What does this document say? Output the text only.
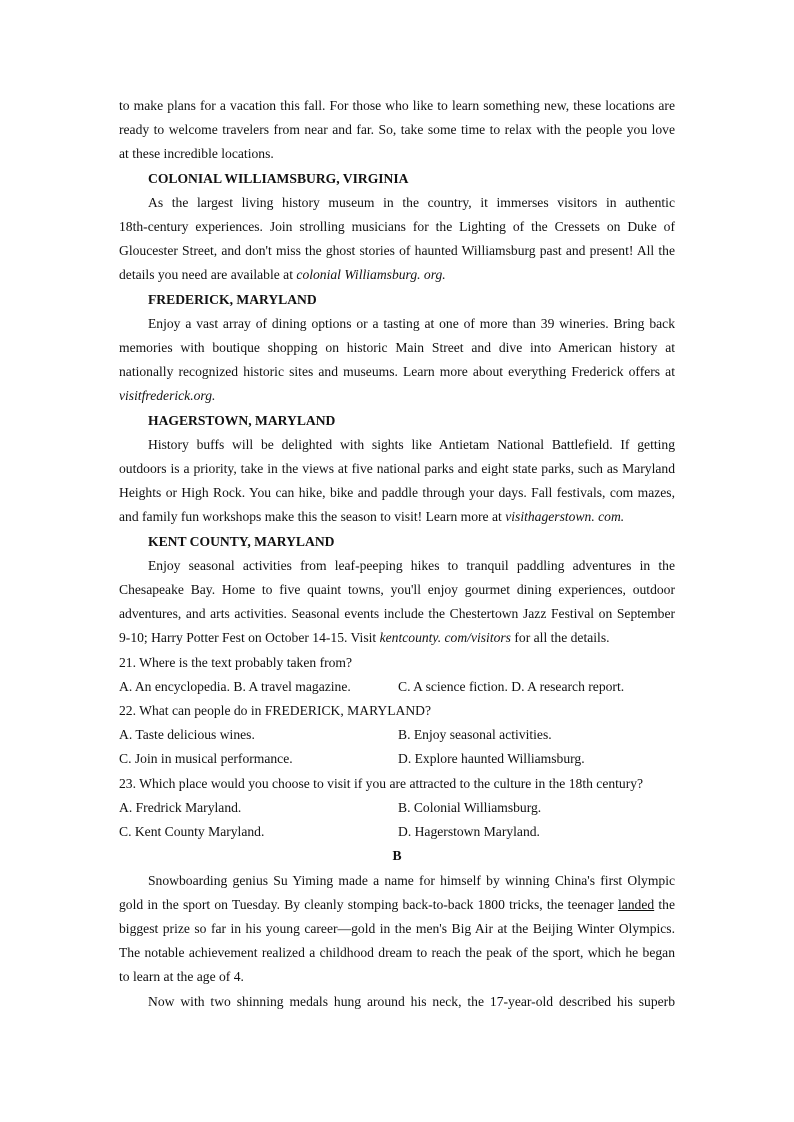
to make plans for a vacation this fall. For those who like to learn something new, these locations are

ready to welcome travelers from near and far. So, take some time to relax with the people you love

at these incredible locations.

COLONIAL WILLIAMSBURG, VIRGINIA

As the largest living history museum in the country, it immerses visitors in authentic

18th-century experiences. Join strolling musicians for the Lighting of the Cressets on Duke of

Gloucester Street, and don't miss the ghost stories of haunted Williamsburg past and present! All the

details you need are available at colonial Williamsburg. org.

FREDERICK, MARYLAND

Enjoy a vast array of dining options or a tasting at one of more than 39 wineries. Bring back

memories with boutique shopping on historic Main Street and dive into American history at

nationally recognized historic sites and museums. Learn more about everything Frederick offers at

visitfrederick.org.

HAGERSTOWN, MARYLAND

History buffs will be delighted with sights like Antietam National Battlefield. If getting

outdoors is a priority, take in the views at five national parks and eight state parks, such as Maryland

Heights or High Rock. You can hike, bike and paddle through your days. Fall festivals, com mazes,

and family fun workshops make this the season to visit! Learn more at visithagerstown. com.

KENT COUNTY, MARYLAND

Enjoy seasonal activities from leaf-peeping hikes to tranquil paddling adventures in the

Chesapeake Bay. Home to five quaint towns, you'll enjoy gourmet dining experiences, outdoor

adventures, and arts activities. Seasonal events include the Chestertown Jazz Festival on September

9-10; Harry Potter Fest on October 14-15. Visit kentcounty. com/visitors for all the details.

21. Where is the text probably taken from?

A. An encyclopedia. B. A travel magazine.	C. A science fiction. D. A research report.

22. What can people do in FREDERICK, MARYLAND?

A. Taste delicious wines.	B. Enjoy seasonal activities.
C. Join in musical performance.	D. Explore haunted Williamsburg.

23. Which place would you choose to visit if you are attracted to the culture in the 18th century?

A. Fredrick Maryland.	B. Colonial Williamsburg.
C. Kent County Maryland.	D. Hagerstown Maryland.

B

Snowboarding genius Su Yiming made a name for himself by winning China's first Olympic

gold in the sport on Tuesday. By cleanly stomping back-to-back 1800 tricks, the teenager landed the

biggest prize so far in his young career—gold in the men's Big Air at the Beijing Winter Olympics.

The notable achievement realized a childhood dream to reach the peak of the sport, which he began

to learn at the age of 4.

Now with two shinning medals hung around his neck, the 17-year-old described his superb
